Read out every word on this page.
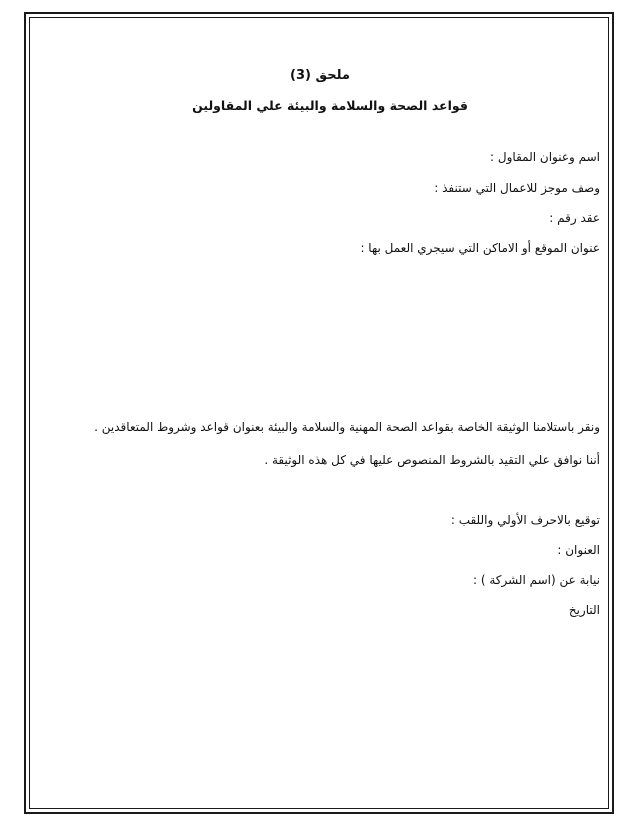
ملحق (3)
قواعد الصحة والسلامة والبيئة علي المقاولين
اسم وعنوان المقاول :
وصف موجز للاعمال التي ستنفذ :
عقد رقم :
عنوان الموقع أو الاماكن التي سيجري العمل بها :
ونقر باستلامنا الوثيقة الخاصة بقواعد الصحة المهنية والسلامة والبيئة بعنوان قواعد وشروط المتعاقدين .
أننا نوافق علي التقيد بالشروط المنصوص عليها في كل هذه الوثيقة .
توقيع بالاحرف الأولي واللقب :
العنوان :
نيابة عن (اسم الشركة ) :
التاريخ
